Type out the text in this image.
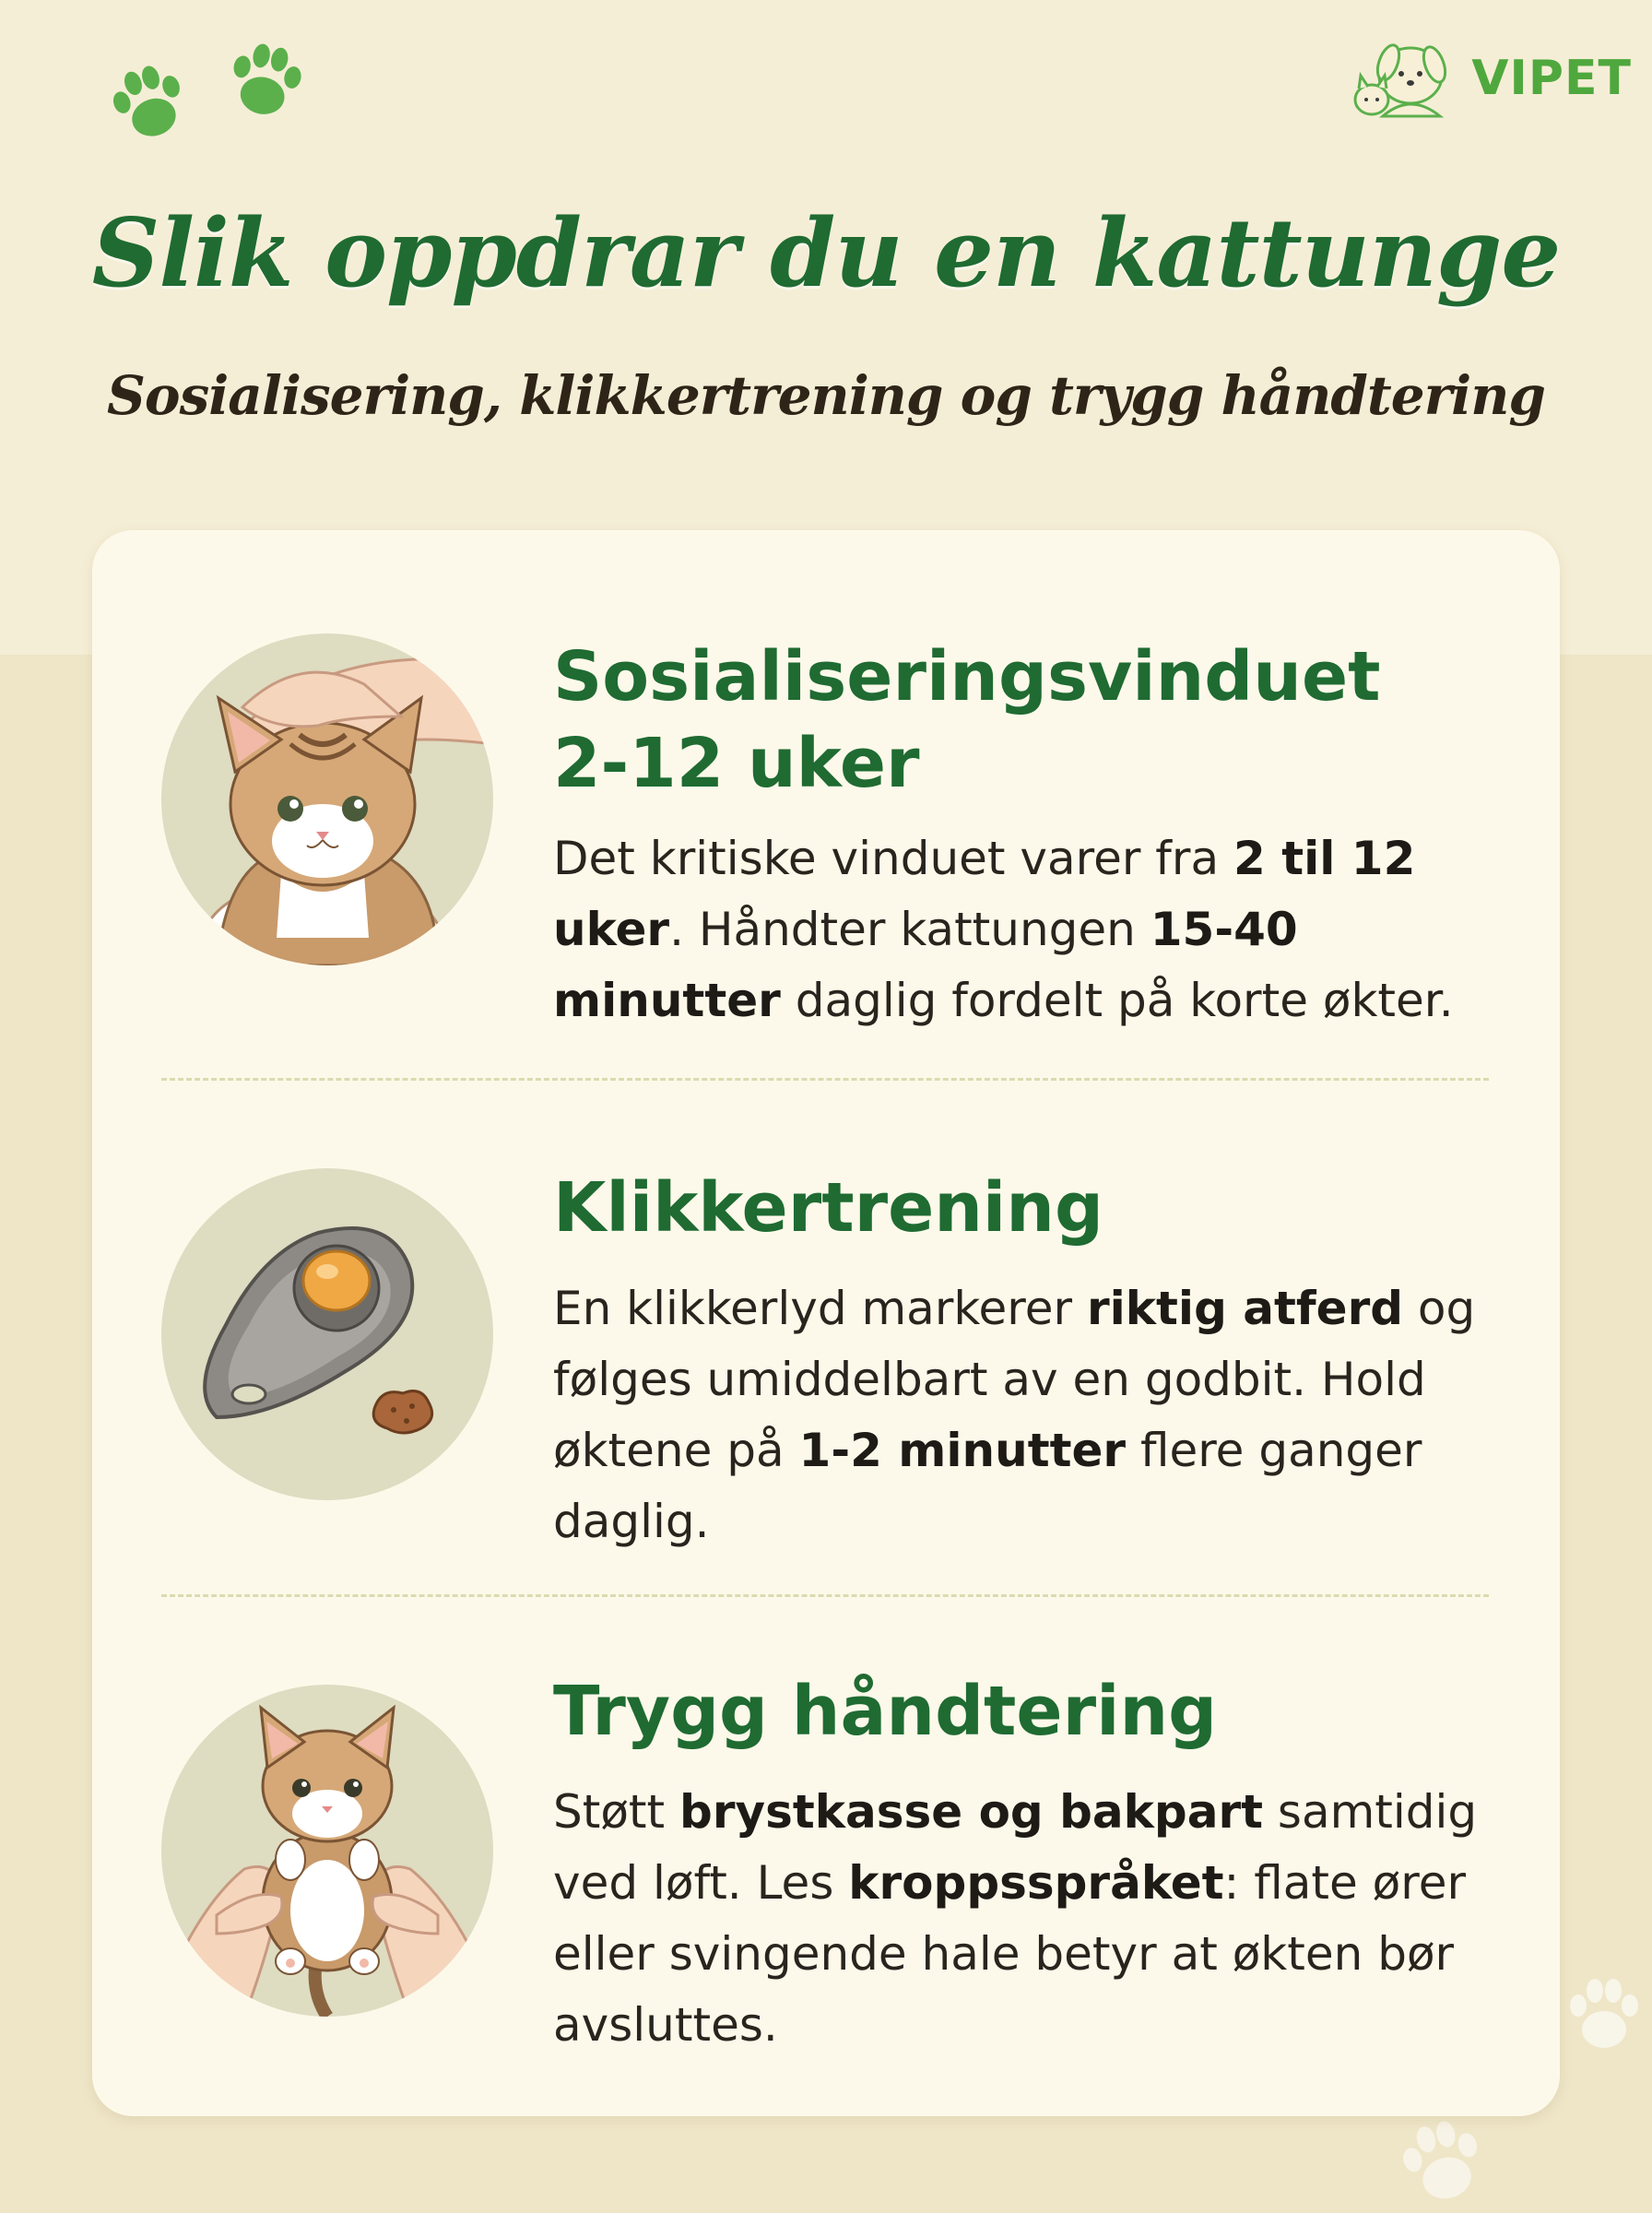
VIPET
Slik oppdrar du en kattunge
Sosialisering, klikkertrening og trygg håndtering
Sosialiseringsvinduet
2-12 uker
Det kritiske vinduet varer fra 2 til 12 uker. Håndter kattungen 15-40 minutter daglig fordelt på korte økter.
Klikkertrening
En klikkerlyd markerer riktig atferd og følges umiddelbart av en godbit. Hold øktene på 1-2 minutter flere ganger daglig.
Trygg håndtering
Støtt brystkasse og bakpart samtidig ved løft. Les kroppsspråket: flate ører eller svingende hale betyr at økten bør avsluttes.
